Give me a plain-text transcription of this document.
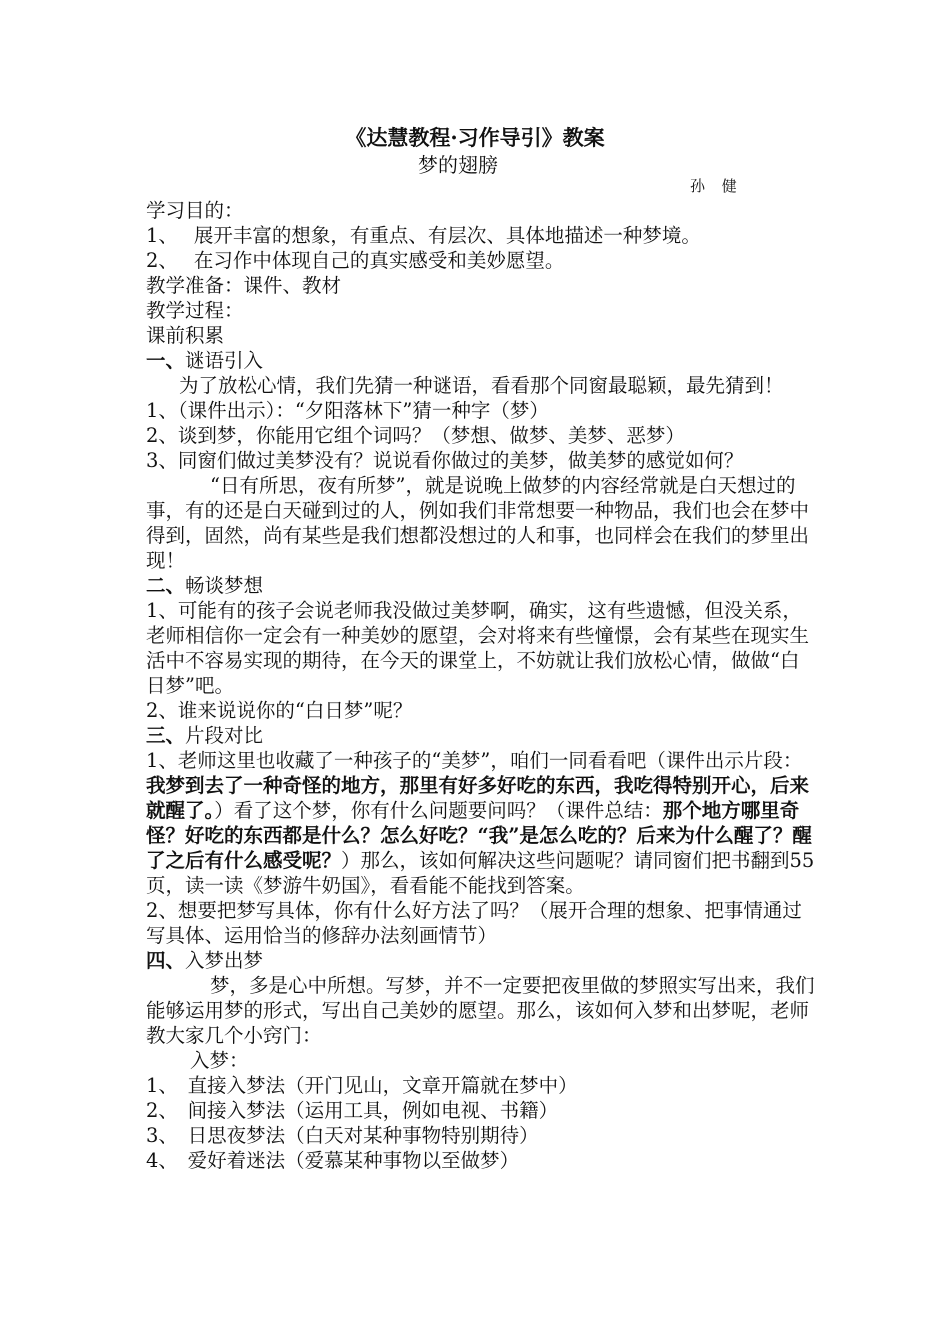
《达慧教程·习作导引》教案
梦的翅膀
孙 健

学习目的：

1、　 展开丰富的想象，有重点、有层次、具体地描述一种梦境。

2、　 在习作中体现自己的真实感受和美妙愿望。

教学准备：课件、教材

教学过程：

课前积累

一、谜语引入

为了放松心情，我们先猜一种谜语，看看那个同窗最聪颖，最先猜到！

1、（课件出示）：“夕阳落林下”猜一种字（梦）

2、谈到梦，你能用它组个词吗？（梦想、做梦、美梦、恶梦）

3、同窗们做过美梦没有？说说看你做过的美梦，做美梦的感觉如何？

“日有所思，夜有所梦”，就是说晚上做梦的内容经常就是白天想过的事，有的还是白天碰到过的人，例如我们非常想要一种物品，我们也会在梦中得到，固然，尚有某些是我们想都没想过的人和事，也同样会在我们的梦里出现！

二、畅谈梦想

1、可能有的孩子会说老师我没做过美梦啊，确实，这有些遗憾，但没关系，老师相信你一定会有一种美妙的愿望，会对将来有些憧憬，会有某些在现实生活中不容易实现的期待，在今天的课堂上，不妨就让我们放松心情，做做“白日梦”吧。

2、谁来说说你的“白日梦”呢？

三、片段对比

1、老师这里也收藏了一种孩子的“美梦”，咱们一同看看吧（课件出示片段：我梦到去了一种奇怪的地方，那里有好多好吃的东西，我吃得特别开心，后来就醒了。）看了这个梦，你有什么问题要问吗？（课件总结：那个地方哪里奇怪？好吃的东西都是什么？怎么好吃？“我”是怎么吃的？后来为什么醒了？醒了之后有什么感受呢？）那么，该如何解决这些问题呢？请同窗们把书翻到55页，读一读《梦游牛奶国》，看看能不能找到答案。

2、想要把梦写具体，你有什么好方法了吗？（展开合理的想象、把事情通过写具体、运用恰当的修辞办法刻画情节）

四、入梦出梦

梦，多是心中所想。写梦，并不一定要把夜里做的梦照实写出来，我们能够运用梦的形式，写出自己美妙的愿望。那么，该如何入梦和出梦呢，老师教大家几个小窍门：

入梦：

1、　直接入梦法（开门见山，文章开篇就在梦中）

2、　间接入梦法（运用工具，例如电视、书籍）

3、　日思夜梦法（白天对某种事物特别期待）

4、　爱好着迷法（爱慕某种事物以至做梦）
